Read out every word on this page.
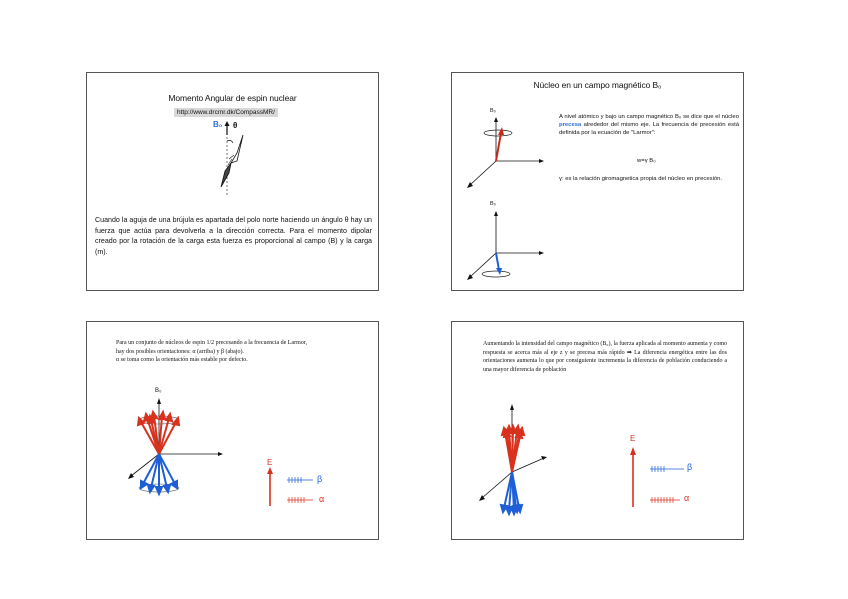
Momento Angular de espin nuclear
http://www.drcmr.dk/CompassMR/
B₀ θ
Cuando la aguja de una brújula es apartada del polo norte haciendo un ángulo θ hay un fuerza que actúa para devolverla a la dirección correcta. Para el momento dipolar creado por la rotación de la carga esta fuerza es proporcional al campo (B) y la carga (m).
Núcleo en un campo magnético B₀
B₀
B₀
A nivel atómico y bajo un campo magnético B₀ se dice que el núcleo precesa alrededor del mismo eje. La frecuencia de precesión está definida por la ecuación de "Larmor":
w=γ B₀
γ: es la relación giromagnetica propia del núcleo en precesión.
Para un conjunto de núcleos de espin 1/2 precesando a la frecuencia de Larmor,
hay dos posibles orientaciones: α (arriba) y β (abajo).
α se toma como la orientación más estable por defecto.
B₀
E
β
α
Aumentando la intensidad del campo magnético (B₀), la fuerza aplicada al momento aumenta y como respuesta se acerca más al eje z y se precesa más rápido ➡ La diferencia energética entre las dos orientaciones aumenta lo que por consiguiente incrementa la diferencia de población conduciendo a una mayor diferencia de población
E
β
α
